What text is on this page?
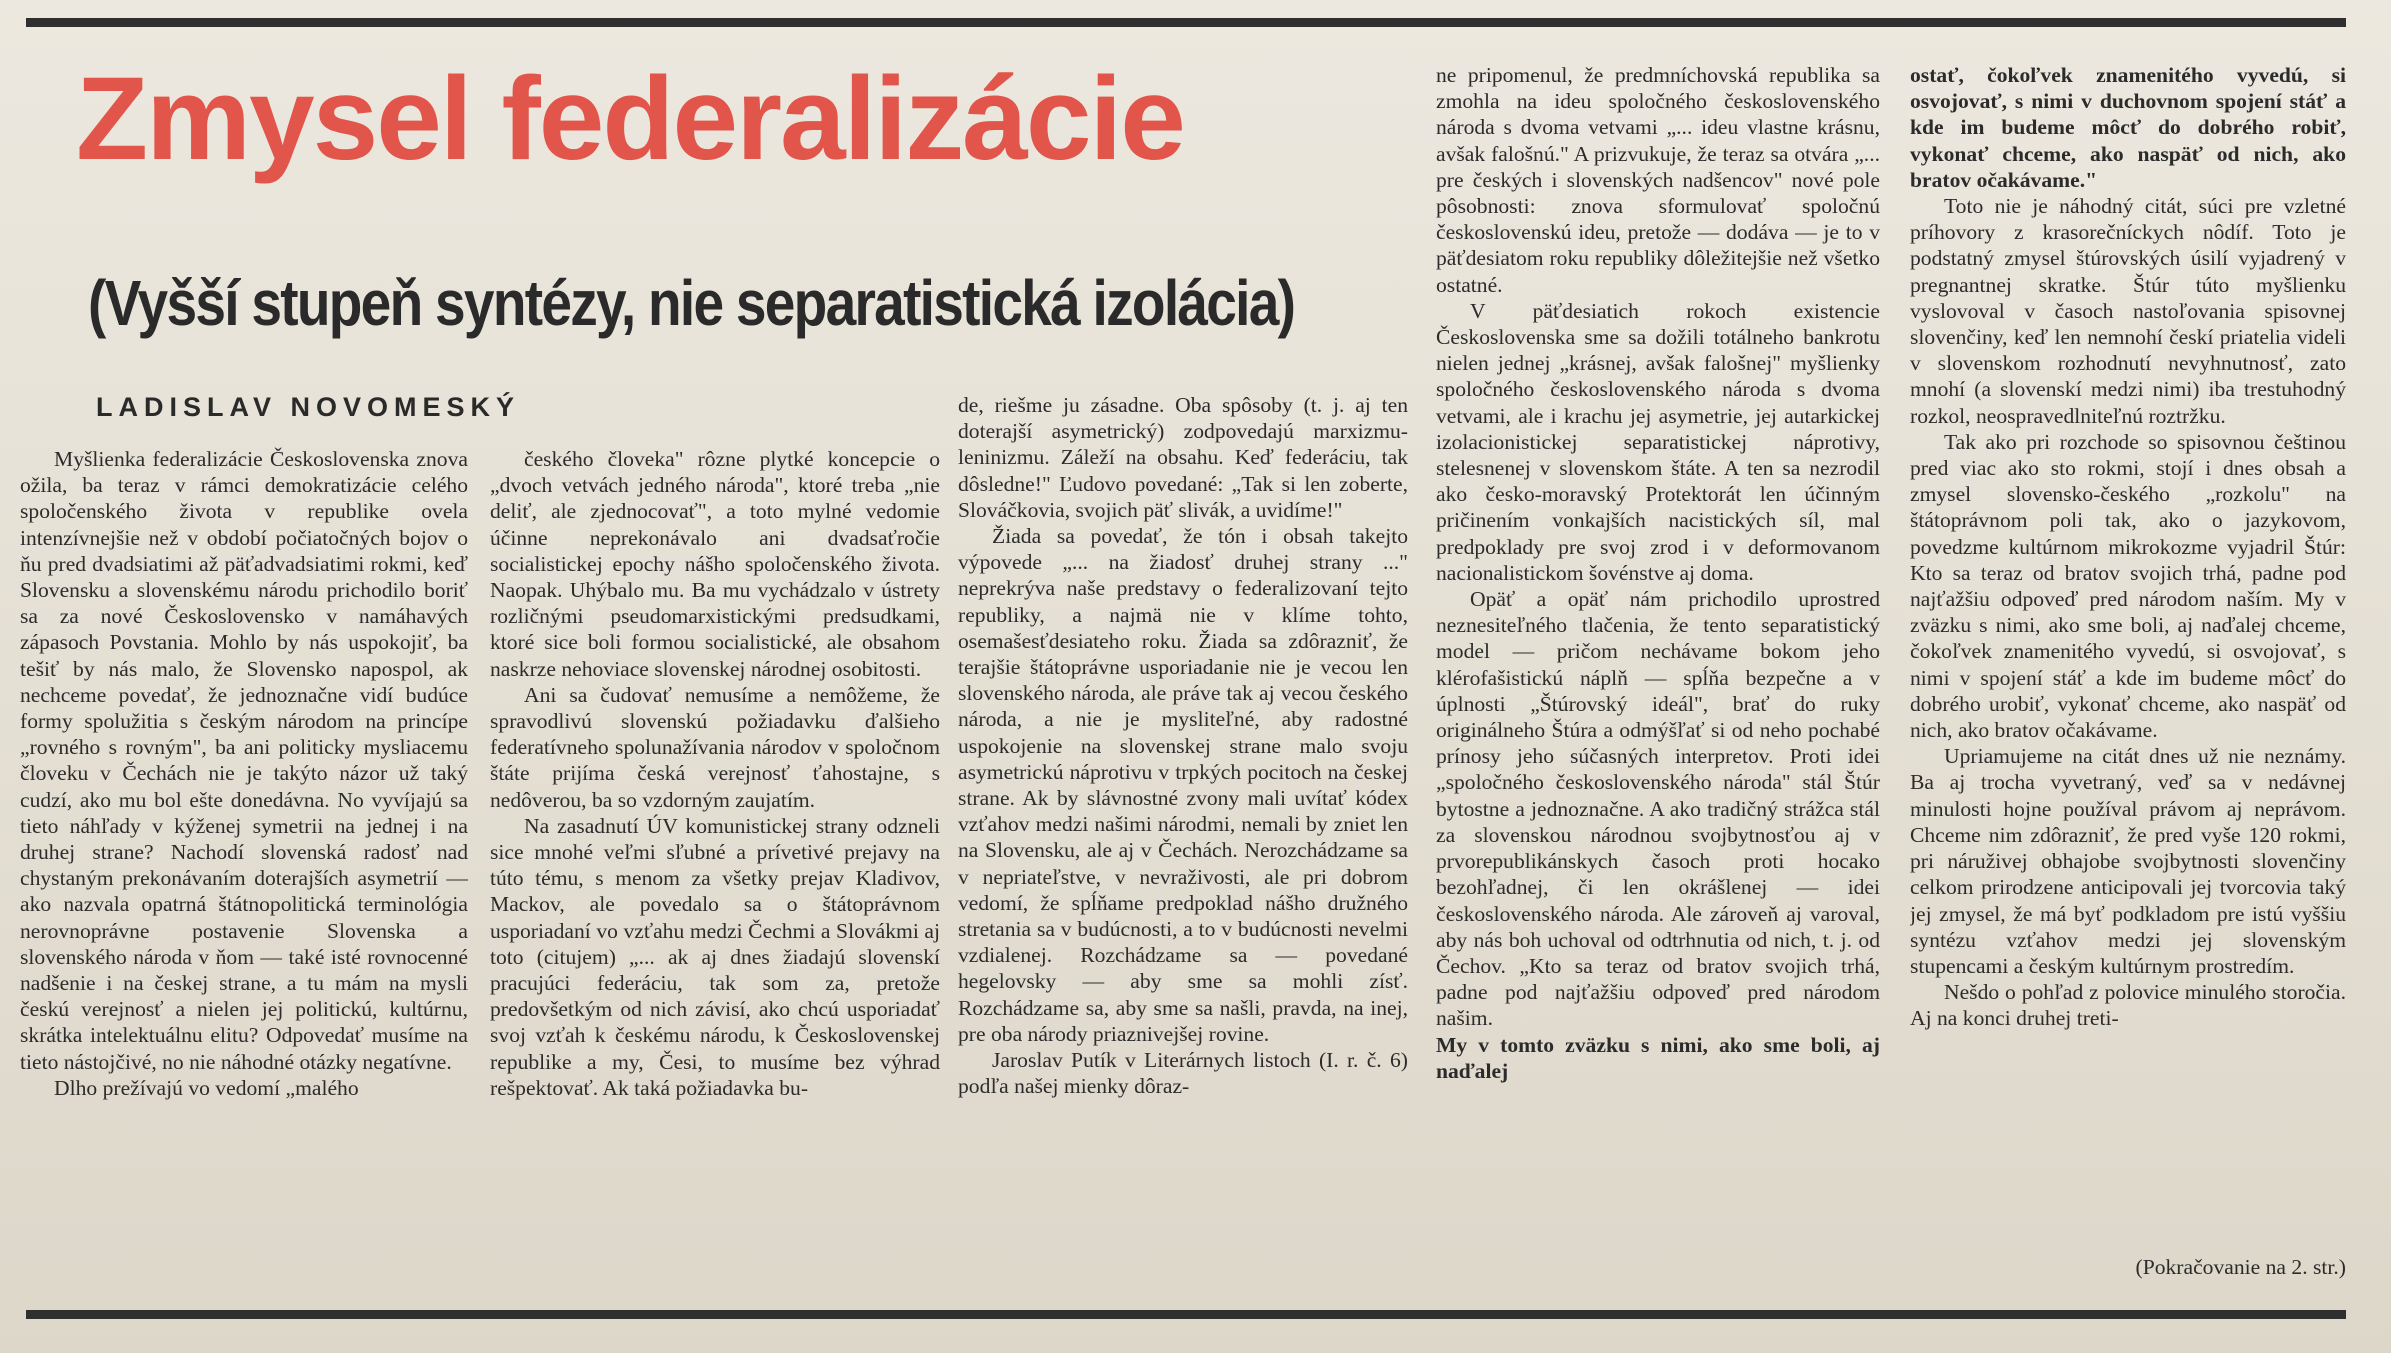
Zmysel federalizácie
(Vyšší stupeň syntézy, nie separatistická izolácia)
LADISLAV NOVOMESKÝ

Myšlienka federalizácie Československa znova ožila, ba teraz v rámci demokratizácie celého spoločenského života v republike ovela intenzívnejšie než v období počiatočných bojov o ňu pred dvadsiatimi až päťadvadsiatimi rokmi, keď Slovensku a slovenskému národu prichodilo boriť sa za nové Československo v namáhavých zápasoch Povstania. Mohlo by nás uspokojiť, ba tešiť by nás malo, že Slovensko napospol, ak nechceme povedať, že jednoznačne vidí budúce formy spolužitia s českým národom na princípe „rovného s rovným", ba ani politicky mysliacemu človeku v Čechách nie je takýto názor už taký cudzí, ako mu bol ešte donedávna. No vyvíjajú sa tieto náhľady v kýženej symetrii na jednej i na druhej strane? Nachodí slovenská radosť nad chystaným prekonávaním doterajších asymetrií — ako nazvala opatrná štátnopolitická terminológia nerovnoprávne postavenie Slovenska a slovenského národa v ňom — také isté rovnocenné nadšenie i na českej strane, a tu mám na mysli českú verejnosť a nielen jej politickú, kultúrnu, skrátka intelektuálnu elitu? Odpovedať musíme na tieto nástojčivé, no nie náhodné otázky negatívne.

Dlho prežívajú vo vedomí „malého

českého človeka" rôzne plytké koncepcie o „dvoch vetvách jedného národa", ktoré treba „nie deliť, ale zjednocovať", a toto mylné vedomie účinne neprekonávalo ani dvadsaťročie socialistickej epochy nášho spoločenského života. Naopak. Uhýbalo mu. Ba mu vychádzalo v ústrety rozličnými pseudomarxistickými predsudkami, ktoré sice boli formou socialistické, ale obsahom naskrze nehoviace slovenskej národnej osobitosti.

Ani sa čudovať nemusíme a nemôžeme, že spravodlivú slovenskú požiadavku ďalšieho federatívneho spolunažívania národov v spoločnom štáte prijíma česká verejnosť ťahostajne, s nedôverou, ba so vzdorným zaujatím.

Na zasadnutí ÚV komunistickej strany odzneli sice mnohé veľmi sľubné a prívetivé prejavy na túto tému, s menom za všetky prejav Kladivov, Mackov, ale povedalo sa o štátoprávnom usporiadaní vo vzťahu medzi Čechmi a Slovákmi aj toto (citujem) „... ak aj dnes žiadajú slovenskí pracujúci federáciu, tak som za, pretože predovšetkým od nich závisí, ako chcú usporiadať svoj vzťah k českému národu, k Československej republike a my, Česi, to musíme bez výhrad rešpektovať. Ak taká požiadavka bu-

de, riešme ju zásadne. Oba spôsoby (t. j. aj ten doterajší asymetrický) zodpovedajú marxizmu-leninizmu. Záleží na obsahu. Keď federáciu, tak dôsledne!" Ľudovo povedané: „Tak si len zoberte, Slováčkovia, svojich päť slivák, a uvidíme!"

Žiada sa povedať, že tón i obsah takejto výpovede „... na žiadosť druhej strany ..." neprekrýva naše predstavy o federalizovaní tejto republiky, a najmä nie v klíme tohto, osemašesťdesiateho roku. Žiada sa zdôrazniť, že terajšie štátoprávne usporiadanie nie je vecou len slovenského národa, ale práve tak aj vecou českého národa, a nie je mysliteľné, aby radostné uspokojenie na slovenskej strane malo svoju asymetrickú náprotivu v trpkých pocitoch na českej strane. Ak by slávnostné zvony mali uvítať kódex vzťahov medzi našimi národmi, nemali by zniet len na Slovensku, ale aj v Čechách. Nerozchádzame sa v nepriateľstve, v nevraživosti, ale pri dobrom vedomí, že spĺňame predpoklad nášho družného stretania sa v budúcnosti, a to v budúcnosti nevelmi vzdialenej. Rozchádzame sa — povedané hegelovsky — aby sme sa mohli zísť. Rozchádzame sa, aby sme sa našli, pravda, na inej, pre oba národy priaznivejšej rovine.

Jaroslav Putík v Literárnych listoch (I. r. č. 6) podľa našej mienky dôraz-

ne pripomenul, že predmníchovská republika sa zmohla na ideu spoločného československého národa s dvoma vetvami „... ideu vlastne krásnu, avšak falošnú." A prizvukuje, že teraz sa otvára „... pre českých i slovenských nadšencov" nové pole pôsobnosti: znova sformulovať spoločnú československú ideu, pretože — dodáva — je to v päťdesiatom roku republiky dôležitejšie než všetko ostatné.

V päťdesiatich rokoch existencie Československa sme sa dožili totálneho bankrotu nielen jednej „krásnej, avšak falošnej" myšlienky spoločného československého národa s dvoma vetvami, ale i krachu jej asymetrie, jej autarkickej izolacionistickej separatistickej náprotivy, stelesnenej v slovenskom štáte. A ten sa nezrodil ako česko-moravský Protektorát len účinným pričinením vonkajších nacistických síl, mal predpoklady pre svoj zrod i v deformovanom nacionalistickom šovénstve aj doma.

Opäť a opäť nám prichodilo uprostred neznesiteľného tlačenia, že tento separatistický model — pričom nechávame bokom jeho klérofašistickú náplň — spĺňa bezpečne a v úplnosti „Štúrovský ideál", brať do ruky originálneho Štúra a odmýšľať si od neho pochabé prínosy jeho súčasných interpretov. Proti idei „spoločného československého národa" stál Štúr bytostne a jednoznačne. A ako tradičný strážca stál za slovenskou národnou svojbytnosťou aj v prvorepublikánskych časoch proti hocako bezohľadnej, či len okrášlenej — idei československého národa. Ale zároveň aj varoval, aby nás boh uchoval od odtrhnutia od nich, t. j. od Čechov. „Kto sa teraz od bratov svojich trhá, padne pod najťažšiu odpoveď pred národom našim.

My v tomto zväzku s nimi, ako sme boli, aj naďalej

ostať, čokoľvek znamenitého vyvedú, si osvojovať, s nimi v duchovnom spojení stáť a kde im budeme môcť do dobrého robiť, vykonať chceme, ako naspäť od nich, ako bratov očakávame."

Toto nie je náhodný citát, súci pre vzletné príhovory z krasorečníckych nôdíf. Toto je podstatný zmysel štúrovských úsilí vyjadrený v pregnantnej skratke. Štúr túto myšlienku vyslovoval v časoch nastoľovania spisovnej slovenčiny, keď len nemnohí českí priatelia videli v slovenskom rozhodnutí nevyhnutnosť, zato mnohí (a slovenskí medzi nimi) iba trestuhodný rozkol, neospravedlniteľnú roztržku.

Tak ako pri rozchode so spisovnou češtinou pred viac ako sto rokmi, stojí i dnes obsah a zmysel slovensko-českého „rozkolu" na štátoprávnom poli tak, ako o jazykovom, povedzme kultúrnom mikrokozme vyjadril Štúr: Kto sa teraz od bratov svojich trhá, padne pod najťažšiu odpoveď pred národom naším. My v zväzku s nimi, ako sme boli, aj naďalej chceme, čokoľvek znamenitého vyvedú, si osvojovať, s nimi v spojení stáť a kde im budeme môcť do dobrého urobiť, vykonať chceme, ako naspäť od nich, ako bratov očakávame.

Upriamujeme na citát dnes už nie neznámy. Ba aj trocha vyvetraný, veď sa v nedávnej minulosti hojne používal právom aj neprávom. Chceme nim zdôrazniť, že pred vyše 120 rokmi, pri náruživej obhajobe svojbytnosti slovenčiny celkom prirodzene anticipovali jej tvorcovia taký jej zmysel, že má byť podkladom pre istú vyššiu syntézu vzťahov medzi jej slovenským stupencami a českým kultúrnym prostredím.

Nešdo o pohľad z polovice minulého storočia. Aj na konci druhej treti-

(Pokračovanie na 2. str.)
